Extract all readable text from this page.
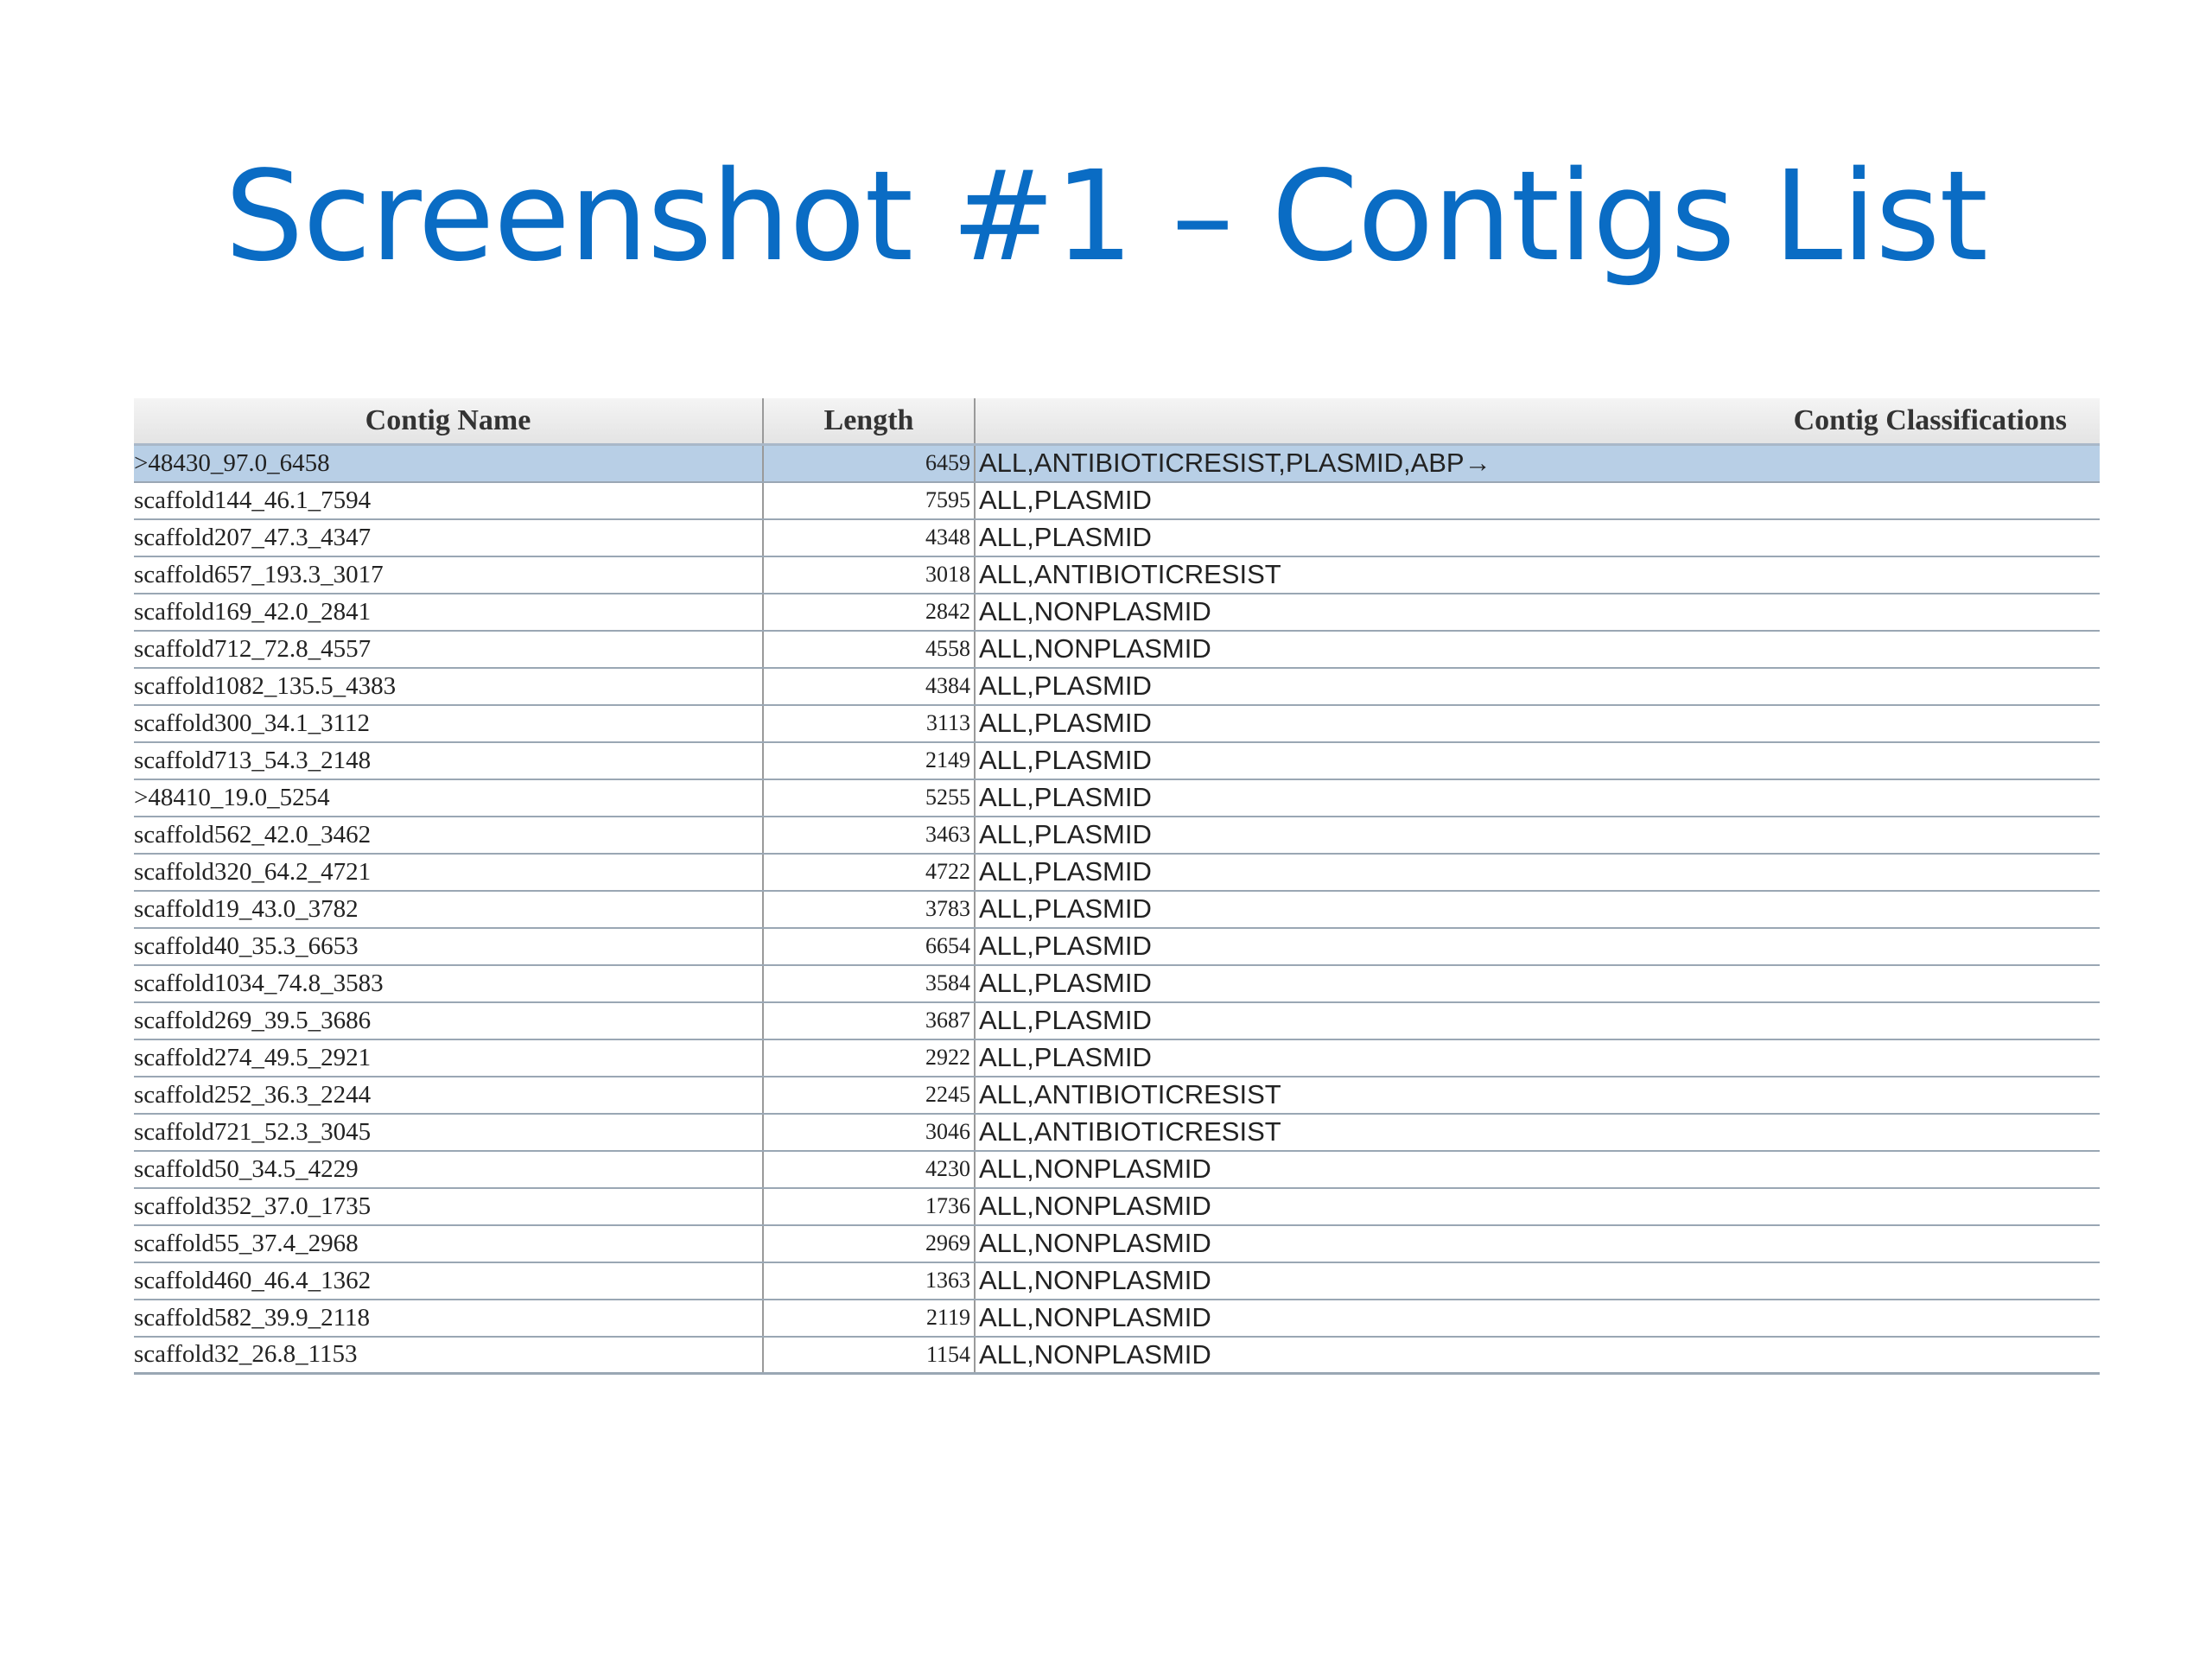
Screenshot #1 – Contigs List
Contig Name	Length	Contig Classifications
>48430_97.0_6458	6459	ALL,ANTIBIOTICRESIST,PLASMID,ABP→
scaffold144_46.1_7594	7595	ALL,PLASMID
scaffold207_47.3_4347	4348	ALL,PLASMID
scaffold657_193.3_3017	3018	ALL,ANTIBIOTICRESIST
scaffold169_42.0_2841	2842	ALL,NONPLASMID
scaffold712_72.8_4557	4558	ALL,NONPLASMID
scaffold1082_135.5_4383	4384	ALL,PLASMID
scaffold300_34.1_3112	3113	ALL,PLASMID
scaffold713_54.3_2148	2149	ALL,PLASMID
>48410_19.0_5254	5255	ALL,PLASMID
scaffold562_42.0_3462	3463	ALL,PLASMID
scaffold320_64.2_4721	4722	ALL,PLASMID
scaffold19_43.0_3782	3783	ALL,PLASMID
scaffold40_35.3_6653	6654	ALL,PLASMID
scaffold1034_74.8_3583	3584	ALL,PLASMID
scaffold269_39.5_3686	3687	ALL,PLASMID
scaffold274_49.5_2921	2922	ALL,PLASMID
scaffold252_36.3_2244	2245	ALL,ANTIBIOTICRESIST
scaffold721_52.3_3045	3046	ALL,ANTIBIOTICRESIST
scaffold50_34.5_4229	4230	ALL,NONPLASMID
scaffold352_37.0_1735	1736	ALL,NONPLASMID
scaffold55_37.4_2968	2969	ALL,NONPLASMID
scaffold460_46.4_1362	1363	ALL,NONPLASMID
scaffold582_39.9_2118	2119	ALL,NONPLASMID
scaffold32_26.8_1153	1154	ALL,NONPLASMID
